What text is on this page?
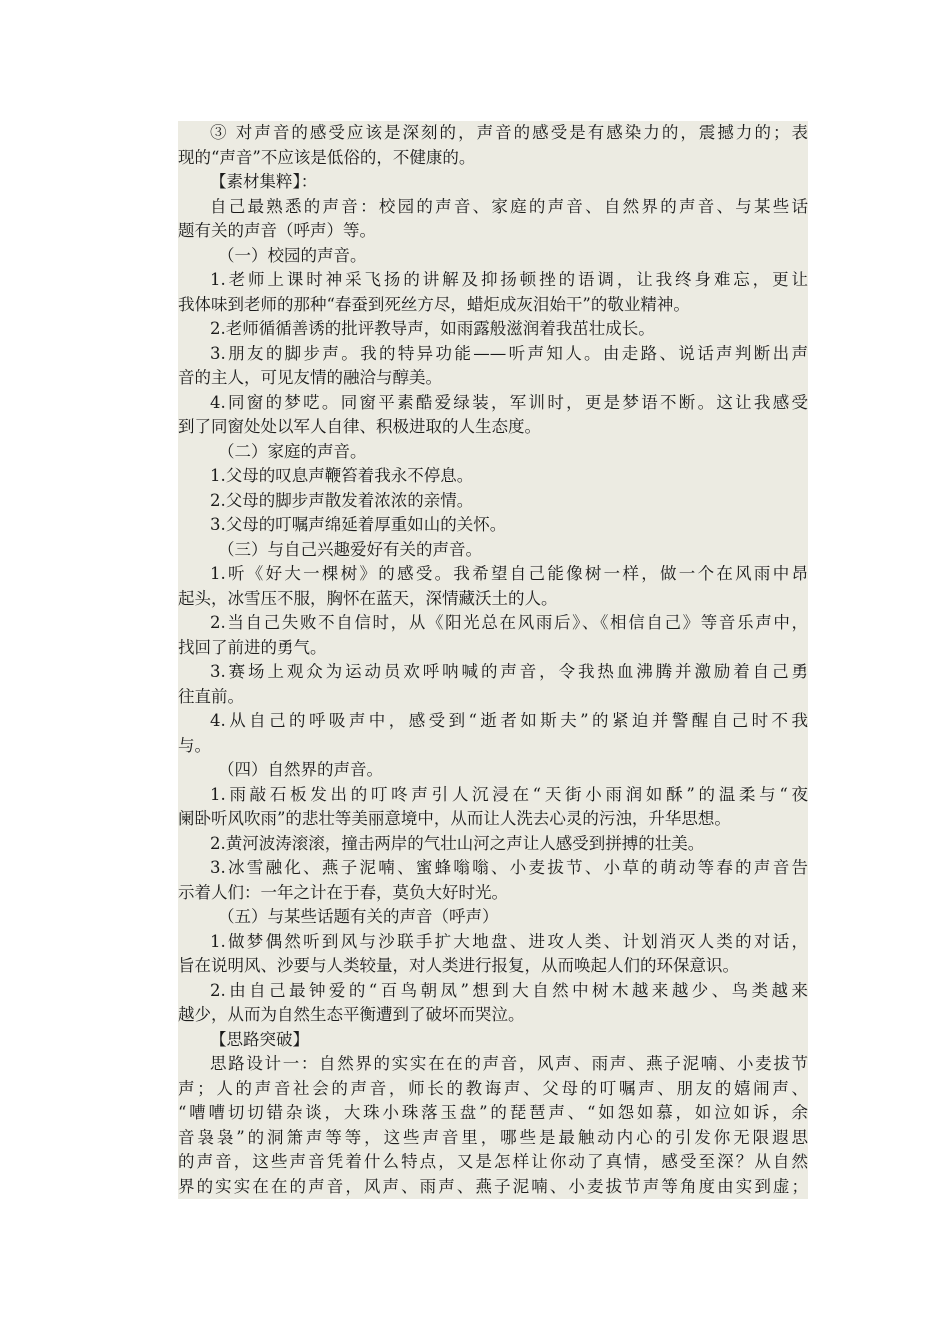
③ 对声音的感受应该是深刻的，声音的感受是有感染力的，震撼力的；表

现的“声音”不应该是低俗的，不健康的。

【素材集粹】：

自己最熟悉的声音：校园的声音、家庭的声音、自然界的声音、与某些话

题有关的声音（呼声）等。

（一）校园的声音。

1.老师上课时神采飞扬的讲解及抑扬顿挫的语调，让我终身难忘，更让

我体味到老师的那种“春蚕到死丝方尽，蜡炬成灰泪始干”的敬业精神。

2.老师循循善诱的批评教导声，如雨露般滋润着我茁壮成长。

3.朋友的脚步声。我的特异功能——听声知人。由走路、说话声判断出声

音的主人，可见友情的融洽与醇美。

4.同窗的梦呓。同窗平素酷爱绿装，军训时，更是梦语不断。这让我感受

到了同窗处处以军人自律、积极进取的人生态度。

（二）家庭的声音。

1.父母的叹息声鞭笞着我永不停息。

2.父母的脚步声散发着浓浓的亲情。

3.父母的叮嘱声绵延着厚重如山的关怀。

（三）与自己兴趣爱好有关的声音。

1.听《好大一棵树》的感受。我希望自己能像树一样，做一个在风雨中昂

起头，冰雪压不服，胸怀在蓝天，深情藏沃土的人。

2.当自己失败不自信时，从《阳光总在风雨后》、《相信自己》等音乐声中，

找回了前进的勇气。

3.赛场上观众为运动员欢呼呐喊的声音，令我热血沸腾并激励着自己勇

往直前。

4.从自己的呼吸声中，感受到“逝者如斯夫”的紧迫并警醒自己时不我

与。

（四）自然界的声音。

1.雨敲石板发出的叮咚声引人沉浸在“天街小雨润如酥”的温柔与“夜

阑卧听风吹雨”的悲壮等美丽意境中，从而让人洗去心灵的污浊，升华思想。

2.黄河波涛滚滚，撞击两岸的气壮山河之声让人感受到拼搏的壮美。

3.冰雪融化、燕子泥喃、蜜蜂嗡嗡、小麦拔节、小草的萌动等春的声音告

示着人们：一年之计在于春，莫负大好时光。

（五）与某些话题有关的声音（呼声）

1.做梦偶然听到风与沙联手扩大地盘、进攻人类、计划消灭人类的对话，

旨在说明风、沙要与人类较量，对人类进行报复，从而唤起人们的环保意识。

2.由自己最钟爱的“百鸟朝凤”想到大自然中树木越来越少、鸟类越来

越少，从而为自然生态平衡遭到了破坏而哭泣。

【思路突破】

思路设计一：自然界的实实在在的声音，风声、雨声、燕子泥喃、小麦拔节

声；人的声音社会的声音，师长的教诲声、父母的叮嘱声、朋友的嬉闹声、

“嘈嘈切切错杂谈，大珠小珠落玉盘”的琵琶声、“如怨如慕，如泣如诉，余

音袅袅”的洞箫声等等，这些声音里，哪些是最触动内心的引发你无限遐思

的声音，这些声音凭着什么特点，又是怎样让你动了真情，感受至深？从自然

界的实实在在的声音，风声、雨声、燕子泥喃、小麦拔节声等角度由实到虚；
